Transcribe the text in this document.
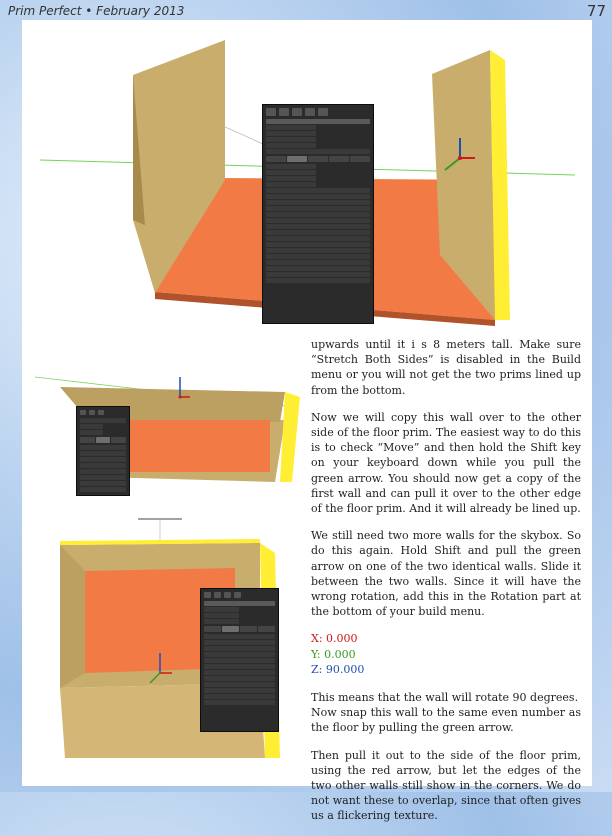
Prim Perfect • February 2013	77

upwards until it i s 8 meters tall. Make sure “Stretch Both Sides” is disabled in the Build menu or you will not get the two prims lined up from the bottom.

Now we will copy this wall over to the other side of the floor prim. The easiest way to do this is to check “Move” and then hold the Shift key on your keyboard down while you pull the green arrow. You should now get a copy of the first wall and can pull it over to the other edge of the floor prim. And it will already be lined up.

We still need two more walls for the skybox. So do this again. Hold Shift and pull the green arrow on one of the two identical walls. Slide it between the two walls. Since it will have the wrong rotation, add this in the Rotation part at the bottom of your build menu.

X: 0.000
Y: 0.000
Z: 90.000
This means that the wall will rotate 90 degrees.

Now snap this wall to the same even number as the floor by pulling the green arrow.

Then pull it out to the side of the floor prim, using the red arrow, but let the edges of the two other walls still show in the corners. We do not want these to overlap, since that often gives us a flickering texture.
